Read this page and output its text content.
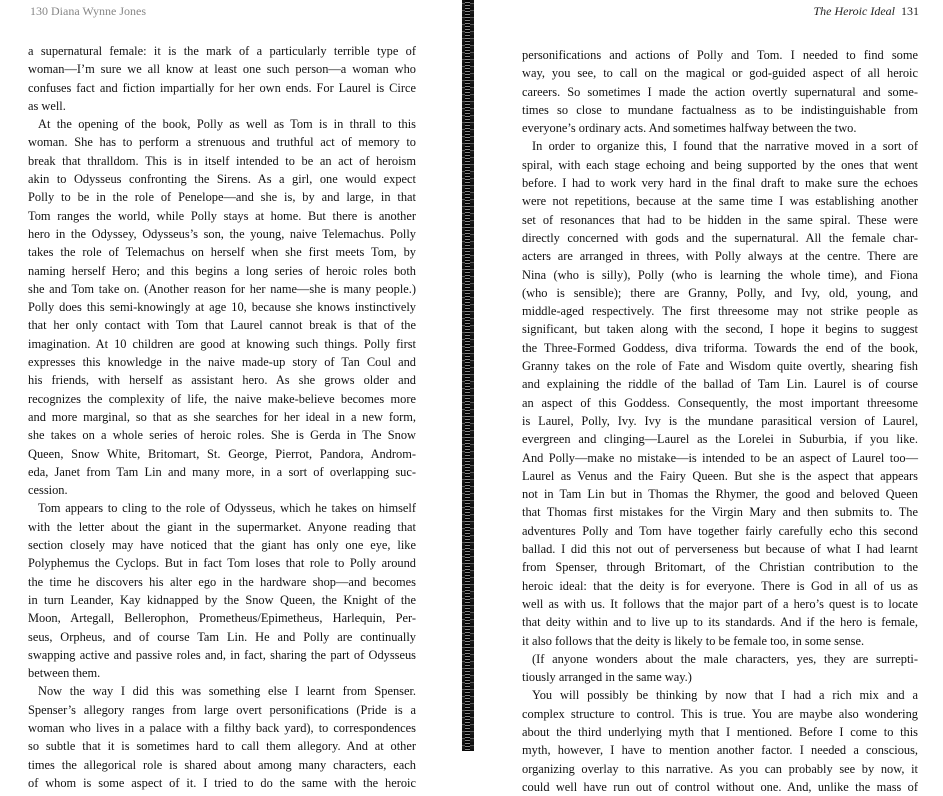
130 Diana Wynne Jones
a supernatural female: it is the mark of a particularly terrible type of
woman—I’m sure we all know at least one such person—a woman who
confuses fact and fiction impartially for her own ends. For Laurel is Circe
as well.
At the opening of the book, Polly as well as Tom is in thrall to this
woman. She has to perform a strenuous and truthful act of memory to
break that thralldom. This is in itself intended to be an act of heroism
akin to Odysseus confronting the Sirens. As a girl, one would expect
Polly to be in the role of Penelope—and she is, by and large, in that
Tom ranges the world, while Polly stays at home. But there is another
hero in the Odyssey, Odysseus’s son, the young, naive Telemachus. Polly
takes the role of Telemachus on herself when she first meets Tom, by
naming herself Hero; and this begins a long series of heroic roles both
she and Tom take on. (Another reason for her name—she is many people.)
Polly does this semi-knowingly at age 10, because she knows instinctively
that her only contact with Tom that Laurel cannot break is that of the
imagination. At 10 children are good at knowing such things. Polly first
expresses this knowledge in the naive made-up story of Tan Coul and
his friends, with herself as assistant hero. As she grows older and
recognizes the complexity of life, the naive make-believe becomes more
and more marginal, so that as she searches for her ideal in a new form,
she takes on a whole series of heroic roles. She is Gerda in The Snow
Queen, Snow White, Britomart, St. George, Pierrot, Pandora, Androm-
eda, Janet from Tam Lin and many more, in a sort of overlapping suc-
cession.
Tom appears to cling to the role of Odysseus, which he takes on himself
with the letter about the giant in the supermarket. Anyone reading that
section closely may have noticed that the giant has only one eye, like
Polyphemus the Cyclops. But in fact Tom loses that role to Polly around
the time he discovers his alter ego in the hardware shop—and becomes
in turn Leander, Kay kidnapped by the Snow Queen, the Knight of the
Moon, Artegall, Bellerophon, Prometheus/Epimetheus, Harlequin, Per-
seus, Orpheus, and of course Tam Lin. He and Polly are continually
swapping active and passive roles and, in fact, sharing the part of Odysseus
between them.
Now the way I did this was something else I learnt from Spenser.
Spenser’s allegory ranges from large overt personifications (Pride is a
woman who lives in a palace with a filthy back yard), to correspondences
so subtle that it is sometimes hard to call them allegory. And at other
times the allegorical role is shared about among many characters, each
of whom is some aspect of it. I tried to do the same with the heroic
The Heroic Ideal 131
personifications and actions of Polly and Tom. I needed to find some
way, you see, to call on the magical or god-guided aspect of all heroic
careers. So sometimes I made the action overtly supernatural and some-
times so close to mundane factualness as to be indistinguishable from
everyone’s ordinary acts. And sometimes halfway between the two.
In order to organize this, I found that the narrative moved in a sort of
spiral, with each stage echoing and being supported by the ones that went
before. I had to work very hard in the final draft to make sure the echoes
were not repetitions, because at the same time I was establishing another
set of resonances that had to be hidden in the same spiral. These were
directly concerned with gods and the supernatural. All the female char-
acters are arranged in threes, with Polly always at the centre. There are
Nina (who is silly), Polly (who is learning the whole time), and Fiona
(who is sensible); there are Granny, Polly, and Ivy, old, young, and
middle-aged respectively. The first threesome may not strike people as
significant, but taken along with the second, I hope it begins to suggest
the Three-Formed Goddess, diva triforma. Towards the end of the book,
Granny takes on the role of Fate and Wisdom quite overtly, shearing fish
and explaining the riddle of the ballad of Tam Lin. Laurel is of course
an aspect of this Goddess. Consequently, the most important threesome
is Laurel, Polly, Ivy. Ivy is the mundane parasitical version of Laurel,
evergreen and clinging—Laurel as the Lorelei in Suburbia, if you like.
And Polly—make no mistake—is intended to be an aspect of Laurel too—
Laurel as Venus and the Fairy Queen. But she is the aspect that appears
not in Tam Lin but in Thomas the Rhymer, the good and beloved Queen
that Thomas first mistakes for the Virgin Mary and then submits to. The
adventures Polly and Tom have together fairly carefully echo this second
ballad. I did this not out of perverseness but because of what I had learnt
from Spenser, through Britomart, of the Christian contribution to the
heroic ideal: that the deity is for everyone. There is God in all of us as
well as with us. It follows that the major part of a hero’s quest is to locate
that deity within and to live up to its standards. And if the hero is female,
it also follows that the deity is likely to be female too, in some sense.
(If anyone wonders about the male characters, yes, they are surrepti-
tiously arranged in the same way.)
You will possibly be thinking by now that I had a rich mix and a
complex structure to control. This is true. You are maybe also wondering
about the third underlying myth that I mentioned. Before I come to this
myth, however, I have to mention another factor. I needed a conscious,
organizing overlay to this narrative. As you can probably see by now, it
could well have run out of control without one. And, unlike the mass of
